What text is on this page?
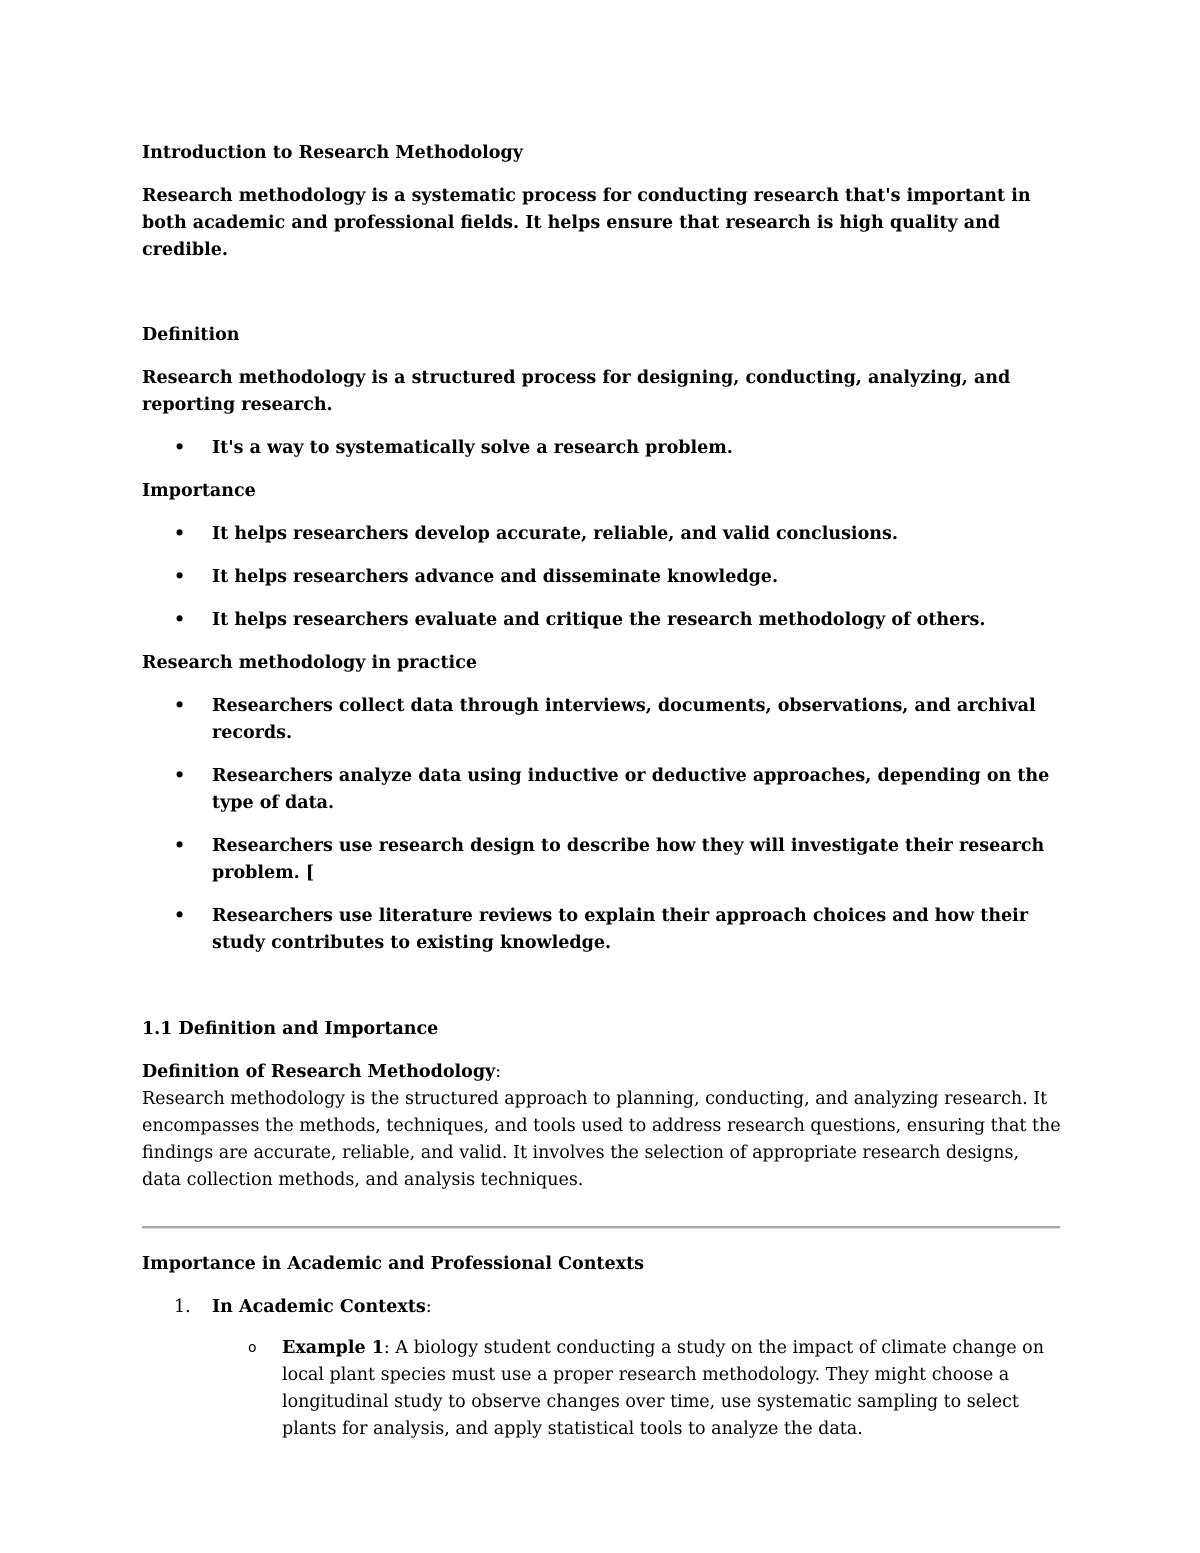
Introduction to Research Methodology

Research methodology is a systematic process for conducting research that's important in both academic and professional fields. It helps ensure that research is high quality and credible.

Definition

Research methodology is a structured process for designing, conducting, analyzing, and reporting research.

• It's a way to systematically solve a research problem.

Importance

• It helps researchers develop accurate, reliable, and valid conclusions.
• It helps researchers advance and disseminate knowledge.
• It helps researchers evaluate and critique the research methodology of others.

Research methodology in practice

• Researchers collect data through interviews, documents, observations, and archival records.
• Researchers analyze data using inductive or deductive approaches, depending on the type of data.
• Researchers use research design to describe how they will investigate their research problem. [
• Researchers use literature reviews to explain their approach choices and how their study contributes to existing knowledge.

1.1 Definition and Importance

Definition of Research Methodology:
Research methodology is the structured approach to planning, conducting, and analyzing research. It encompasses the methods, techniques, and tools used to address research questions, ensuring that the findings are accurate, reliable, and valid. It involves the selection of appropriate research designs, data collection methods, and analysis techniques.

Importance in Academic and Professional Contexts

1. In Academic Contexts:
o Example 1: A biology student conducting a study on the impact of climate change on local plant species must use a proper research methodology. They might choose a longitudinal study to observe changes over time, use systematic sampling to select plants for analysis, and apply statistical tools to analyze the data.
